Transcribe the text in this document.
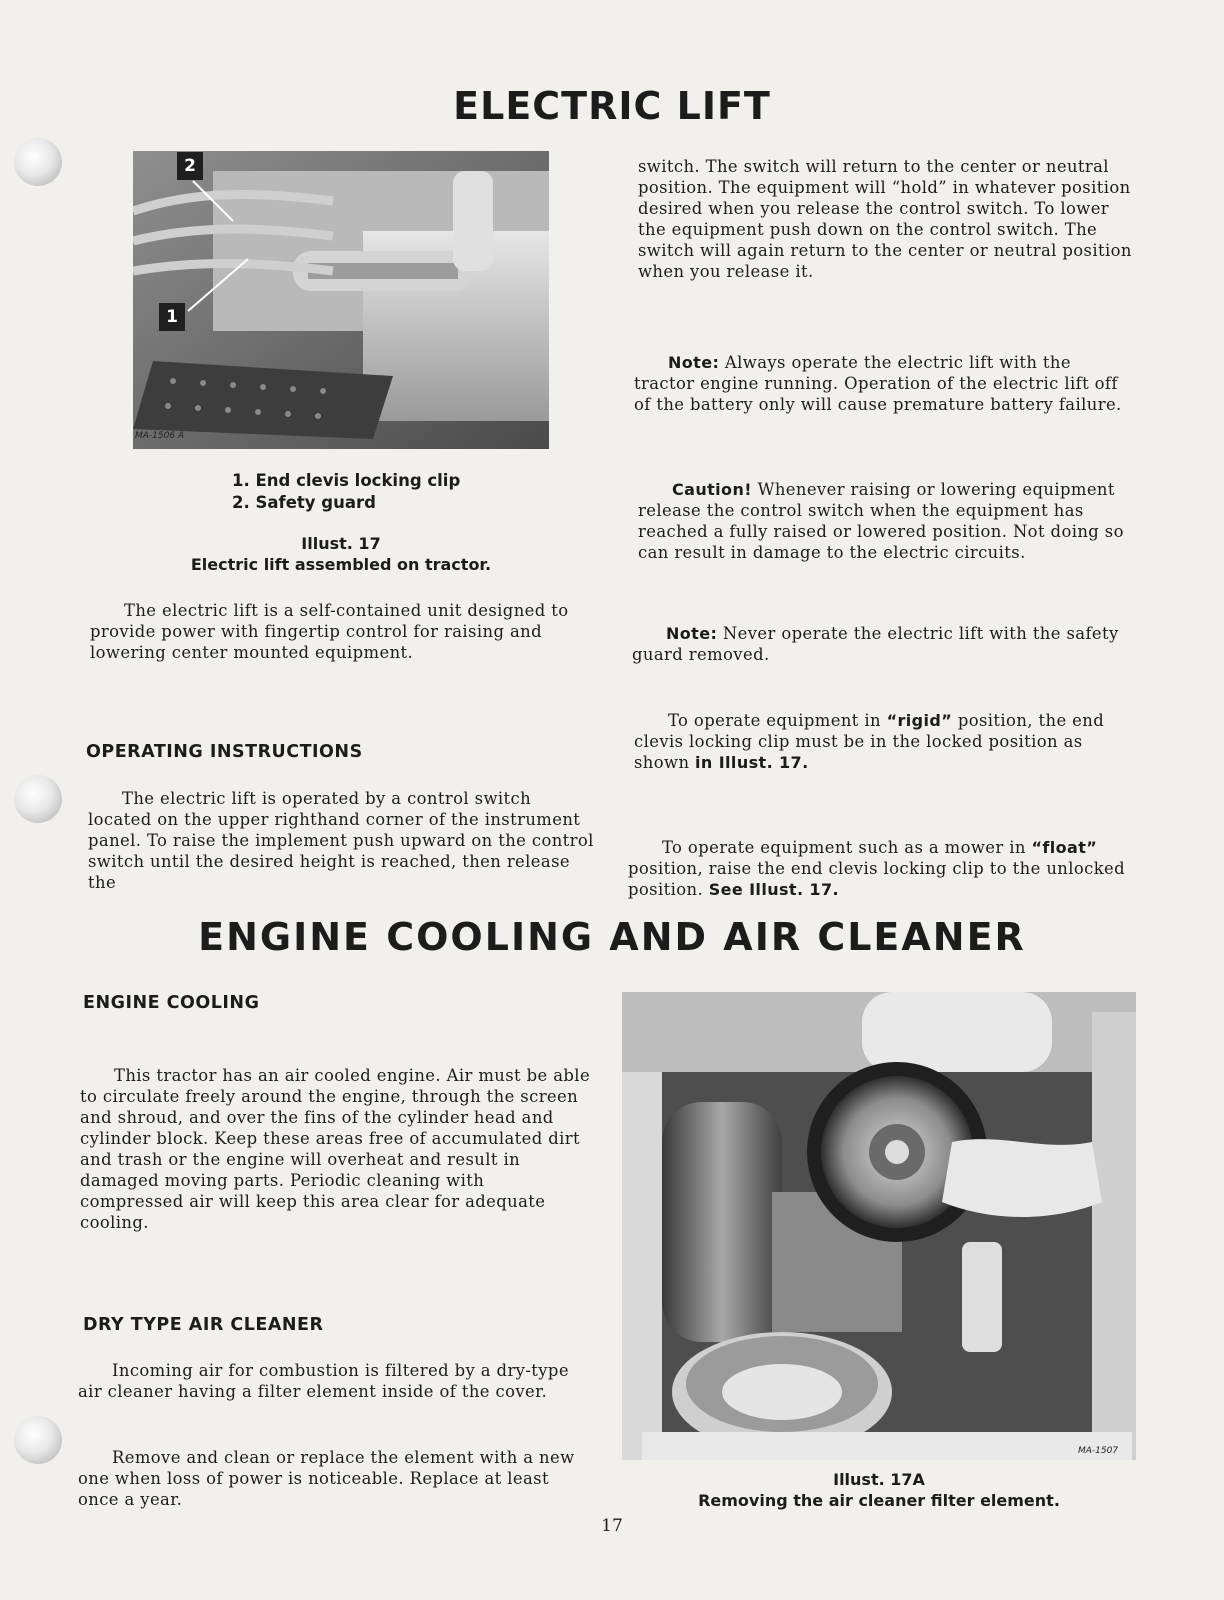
ELECTRIC LIFT
2
1
MA-1506 A
1. End clevis locking clip
2. Safety guard
Illust. 17
Electric lift assembled on tractor.

The electric lift is a self-contained unit designed to provide power with fingertip control for raising and lowering center mounted equipment.

OPERATING INSTRUCTIONS

The electric lift is operated by a control switch located on the upper righthand corner of the instrument panel. To raise the implement push upward on the control switch until the desired height is reached, then release the

switch. The switch will return to the center or neutral position. The equipment will “hold” in whatever position desired when you release the control switch. To lower the equipment push down on the control switch. The switch will again return to the center or neutral position when you release it.

Note: Always operate the electric lift with the tractor engine running. Operation of the electric lift off of the battery only will cause premature battery failure.

Caution! Whenever raising or lowering equipment release the control switch when the equipment has reached a fully raised or lowered position. Not doing so can result in damage to the electric circuits.

Note: Never operate the electric lift with the safety guard removed.

To operate equipment in “rigid” position, the end clevis locking clip must be in the locked position as shown in Illust. 17.

To operate equipment such as a mower in “float” position, raise the end clevis locking clip to the unlocked position. See Illust. 17.

ENGINE COOLING AND AIR CLEANER
ENGINE COOLING

This tractor has an air cooled engine. Air must be able to circulate freely around the engine, through the screen and shroud, and over the fins of the cylinder head and cylinder block. Keep these areas free of accumulated dirt and trash or the engine will overheat and result in damaged moving parts. Periodic cleaning with compressed air will keep this area clear for adequate cooling.

DRY TYPE AIR CLEANER

Incoming air for combustion is filtered by a dry-type air cleaner having a filter element inside of the cover.

Remove and clean or replace the element with a new one when loss of power is noticeable. Replace at least once a year.

MA-1507
Illust. 17A
Removing the air cleaner filter element.
17
